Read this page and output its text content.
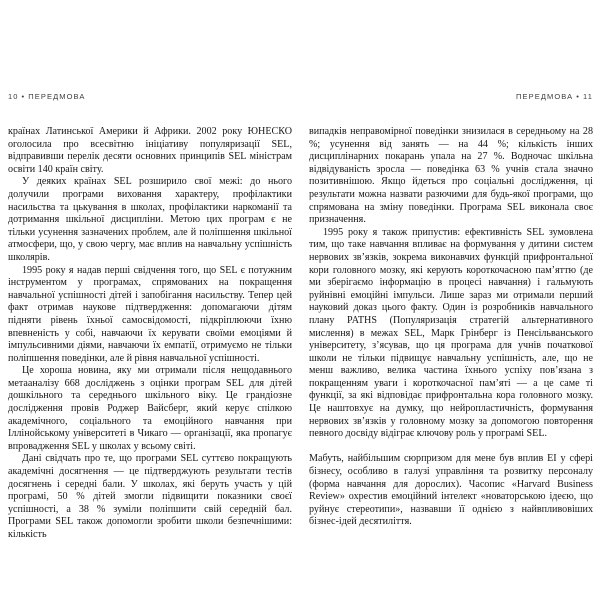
10 • ПЕРЕДМОВА

країнах Латинської Америки й Африки. 2002 року ЮНЕСКО оголосила про всесвітню ініціативу популяризації SEL, відправивши перелік десяти основних принципів SEL міністрам освіти 140 країн світу.

У деяких країнах SEL розширило свої межі: до нього долучили програми виховання характеру, профілактики насильства та цькування в школах, профілактики наркоманії та дотримання шкільної дисципліни. Метою цих програм є не тільки усунення зазначених проблем, але й поліпшення шкільної атмосфери, що, у свою чергу, має вплив на навчальну успішність школярів.

1995 року я надав перші свідчення того, що SEL є потужним інструментом у програмах, спрямованих на покращення навчальної успішності дітей і запобігання насильству. Тепер цей факт отримав наукове підтвердження: допомагаючи дітям підняти рівень їхньої самосвідомості, підкріплюючи їхню впевненість у собі, навчаючи їх керувати своїми емоціями й імпульсивними діями, навчаючи їх емпатії, отримуємо не тільки поліпшення поведінки, але й рівня навчальної успішності.

Це хороша новина, яку ми отримали після нещодавнього метааналізу 668 досліджень з оцінки програм SEL для дітей дошкільного та середнього шкільного віку. Це грандіозне дослідження провів Роджер Вайсберг, який керує спілкою академічного, соціального та емоційного навчання при Іллінойському університеті в Чикаго — організації, яка пропагує впровадження SEL у школах у всьому світі.

Дані свідчать про те, що програми SEL суттєво покращують академічні досягнення — це підтверджують результати тестів досягнень і середні бали. У школах, які беруть участь у цій програмі, 50 % дітей змогли підвищити показники своєї успішності, а 38 % зуміли поліпшити свій середній бал. Програми SEL також допомогли зробити школи безпечнішими: кількість

ПЕРЕДМОВА • 11

випадків неправомірної поведінки знизилася в середньому на 28 %; усунення від занять — на 44 %; кількість інших дисциплінарних покарань упала на 27 %. Водночас шкільна відвідуваність зросла — поведінка 63 % учнів стала значно позитивнішою. Якщо йдеться про соціальні дослідження, ці результати можна назвати разючими для будь-якої програми, що спрямована на зміну поведінки. Програма SEL виконала своє призначення.

1995 року я також припустив: ефективність SEL зумовлена тим, що таке навчання впливає на формування у дитини систем нервових зв’язків, зокрема виконавчих функцій прифронтальної кори головного мозку, які керують короткочасною пам’яттю (де ми зберігаємо інформацію в процесі навчання) і гальмують руйнівні емоційні імпульси. Лише зараз ми отримали перший науковий доказ цього факту. Один із розробників навчального плану PATHS (Популяризація стратегій альтернативного мислення) в межах SEL, Марк Грінберг із Пенсільванського університету, з’ясував, що ця програма для учнів початкової школи не тільки підвищує навчальну успішність, але, що не менш важливо, велика частина їхнього успіху пов’язана з покращенням уваги і короткочасної пам’яті — а це саме ті функції, за які відповідає прифронтальна кора головного мозку. Це наштовхує на думку, що нейропластичність, формування нервових зв’язків у головному мозку за допомогою повторення певного досвіду відіграє ключову роль у програмі SEL.

Мабуть, найбільшим сюрпризом для мене був вплив EI у сфері бізнесу, особливо в галузі управління та розвитку персоналу (форма навчання для дорослих). Часопис «Harvard Business Review» охрестив емоційний інтелект «новаторською ідеєю, що руйнує стереотипи», назвавши її однією з найвпливовіших бізнес-ідей десятиліття.
